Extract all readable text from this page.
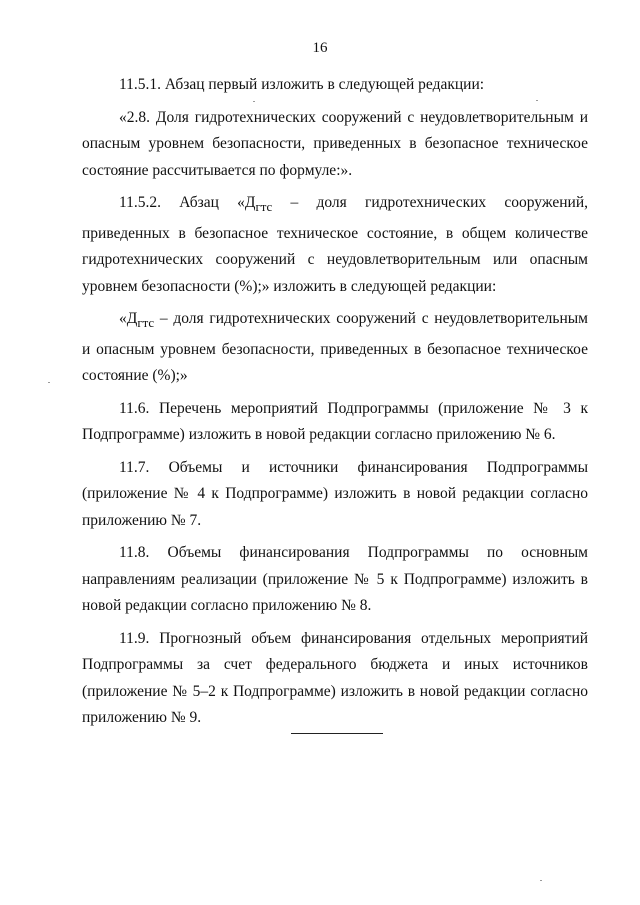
16

11.5.1. Абзац первый изложить в следующей редакции:

«2.8. Доля гидротехнических сооружений с неудовлетворительным и опасным уровнем безопасности, приведенных в безопасное техническое состояние рассчитывается по формуле:».

11.5.2. Абзац «$Д_{гтс}$ – доля гидротехнических сооружений, приведенных в безопасное техническое состояние, в общем количестве гидротехнических сооружений с неудовлетворительным или опасным уровнем безопасности (%);» изложить в следующей редакции:

«$Д_{гтс}$ – доля гидротехнических сооружений с неудовлетворительным и опасным уровнем безопасности, приведенных в безопасное техническое состояние (%);»

11.6. Перечень мероприятий Подпрограммы (приложение № 3 к Подпрограмме) изложить в новой редакции согласно приложению № 6.

11.7. Объемы и источники финансирования Подпрограммы (приложение № 4 к Подпрограмме) изложить в новой редакции согласно приложению № 7.

11.8. Объемы финансирования Подпрограммы по основным направлениям реализации (приложение № 5 к Подпрограмме) изложить в новой редакции согласно приложению № 8.

11.9. Прогнозный объем финансирования отдельных мероприятий Подпрограммы за счет федерального бюджета и иных источников (приложение № 5–2 к Подпрограмме) изложить в новой редакции согласно приложению № 9.
